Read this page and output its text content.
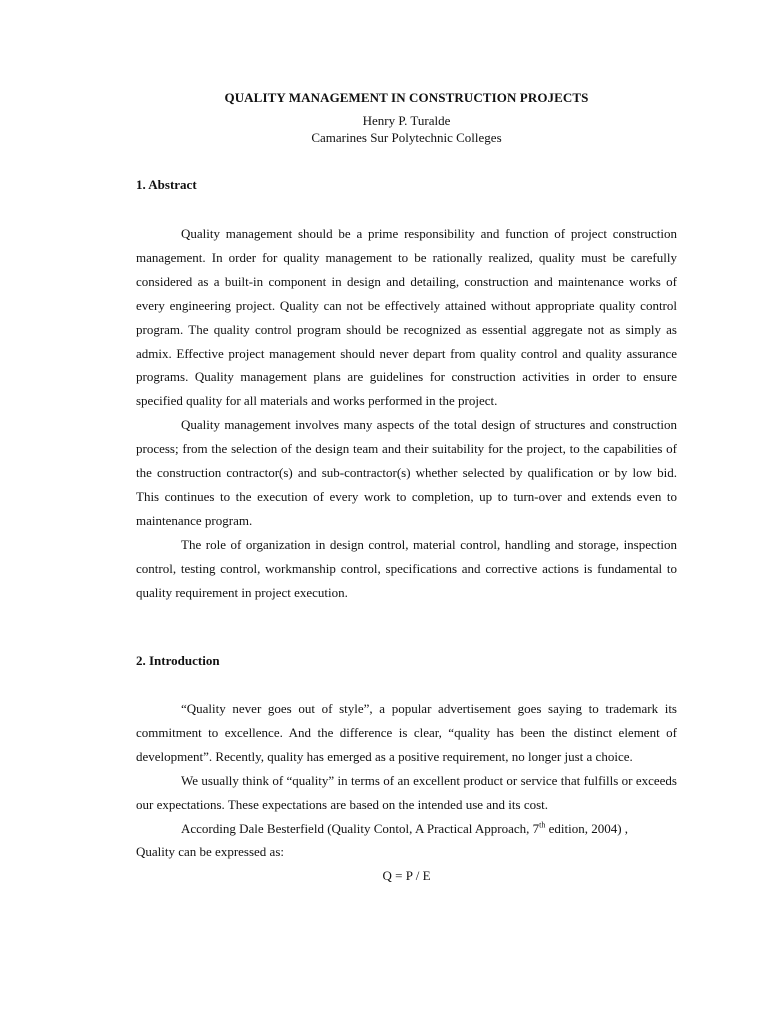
QUALITY MANAGEMENT IN CONSTRUCTION PROJECTS
Henry P. Turalde
Camarines Sur Polytechnic Colleges
1. Abstract

Quality management should be a prime responsibility and function of project construction management. In order for quality management to be rationally realized, quality must be carefully considered as a built-in component in design and detailing, construction and maintenance works of every engineering project. Quality can not be effectively attained without appropriate quality control program. The quality control program should be recognized as essential aggregate not as simply as admix. Effective project management should never depart from quality control and quality assurance programs. Quality management plans are guidelines for construction activities in order to ensure specified quality for all materials and works performed in the project.

Quality management involves many aspects of the total design of structures and construction process; from the selection of the design team and their suitability for the project, to the capabilities of the construction contractor(s) and sub-contractor(s) whether selected by qualification or by low bid. This continues to the execution of every work to completion, up to turn-over and extends even to maintenance program.

The role of organization in design control, material control, handling and storage, inspection control, testing control, workmanship control, specifications and corrective actions is fundamental to quality requirement in project execution.

2. Introduction

“Quality never goes out of style”, a popular advertisement goes saying to trademark its commitment to excellence. And the difference is clear, “quality has been the distinct element of development”. Recently, quality has emerged as a positive requirement, no longer just a choice.

We usually think of “quality” in terms of an excellent product or service that fulfills or exceeds our expectations. These expectations are based on the intended use and its cost.

According Dale Besterfield (Quality Contol, A Practical Approach, 7th edition, 2004) ,

Quality can be expressed as:

Q = P / E
